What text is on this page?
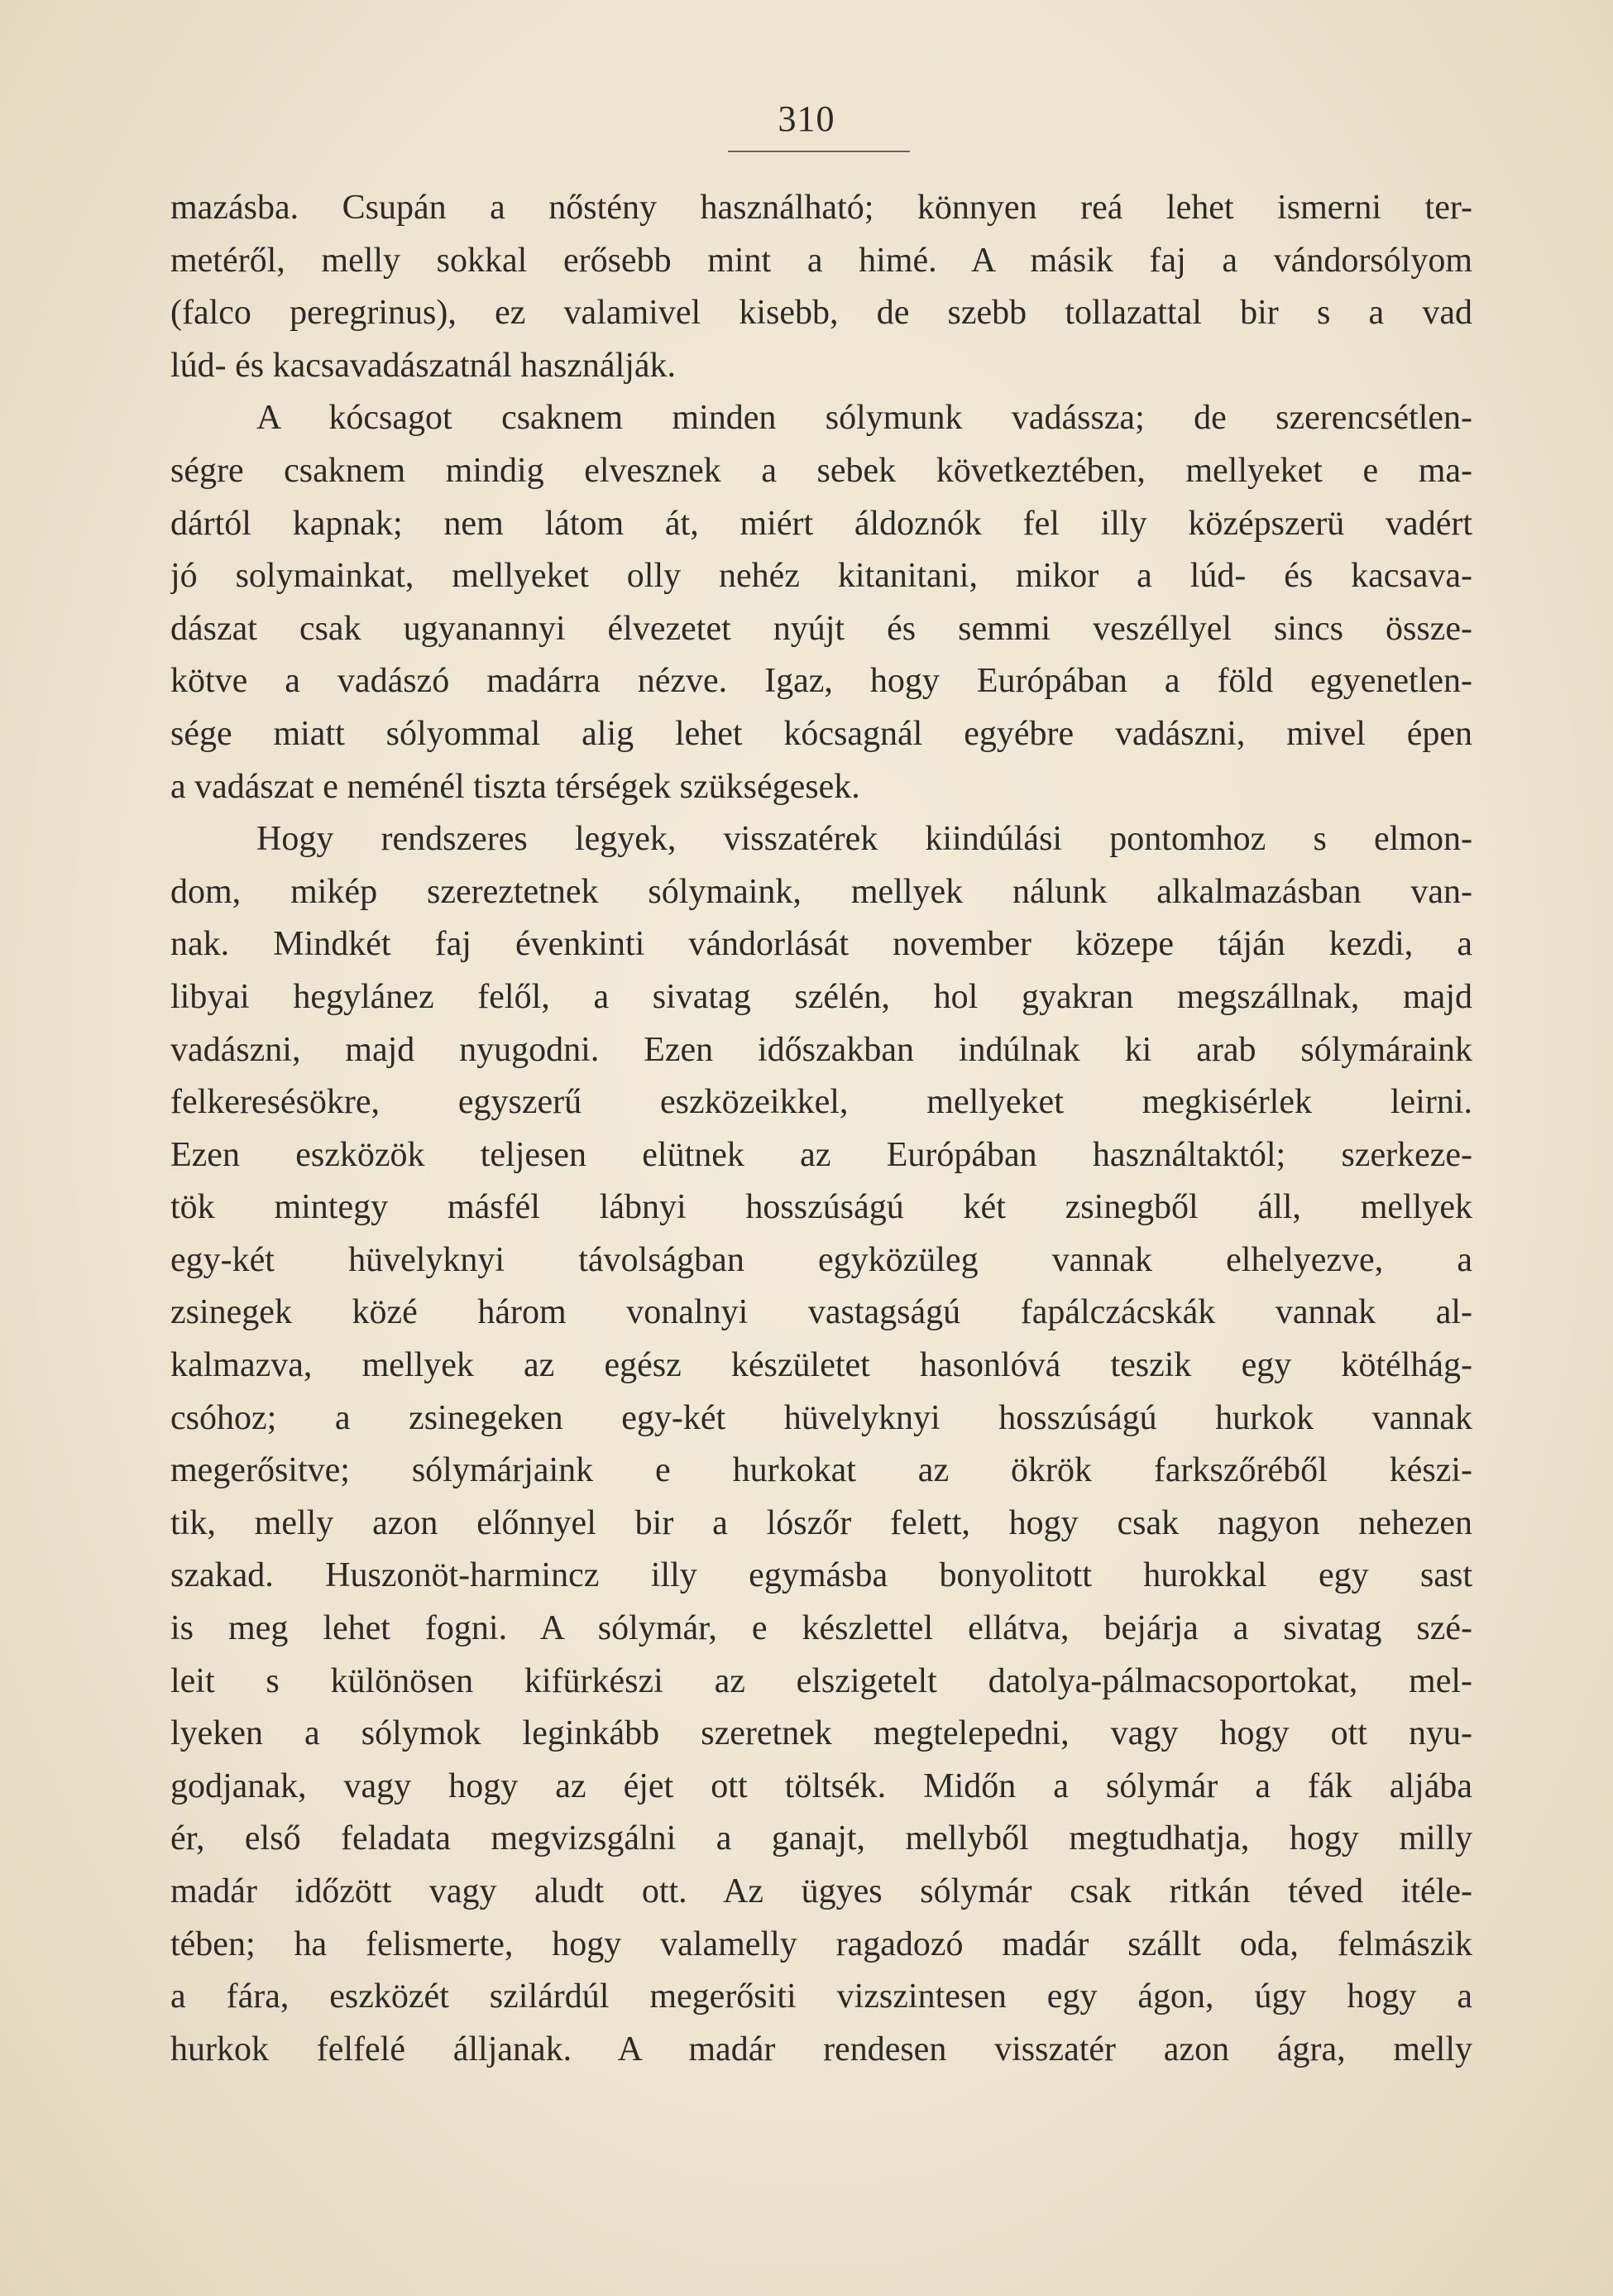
310
mazásba. Csupán a nőstény használható; könnyen reá lehet ismerni ter-
metéről, melly sokkal erősebb mint a himé. A másik faj a vándorsólyom
(falco peregrinus), ez valamivel kisebb, de szebb tollazattal bir s a vad
lúd- és kacsavadászatnál használják.
A kócsagot csaknem minden sólymunk vadássza; de szerencsétlen-
ségre csaknem mindig elvesznek a sebek következtében, mellyeket e ma-
dártól kapnak; nem látom át, miért áldoznók fel illy középszerü vadért
jó solymainkat, mellyeket olly nehéz kitanitani, mikor a lúd- és kacsava-
dászat csak ugyanannyi élvezetet nyújt és semmi veszéllyel sincs össze-
kötve a vadászó madárra nézve. Igaz, hogy Európában a föld egyenetlen-
sége miatt sólyommal alig lehet kócsagnál egyébre vadászni, mivel épen
a vadászat e neménél tiszta térségek szükségesek.
Hogy rendszeres legyek, visszatérek kiindúlási pontomhoz s elmon-
dom, mikép szereztetnek sólymaink, mellyek nálunk alkalmazásban van-
nak. Mindkét faj évenkinti vándorlását november közepe táján kezdi, a
libyai hegylánez felől, a sivatag szélén, hol gyakran megszállnak, majd
vadászni, majd nyugodni. Ezen időszakban indúlnak ki arab sólymáraink
felkeresésökre, egyszerű eszközeikkel, mellyeket megkisérlek leirni.
Ezen eszközök teljesen elütnek az Európában használtaktól; szerkeze-
tök mintegy másfél lábnyi hosszúságú két zsinegből áll, mellyek
egy-két hüvelyknyi távolságban egyközüleg vannak elhelyezve, a
zsinegek közé három vonalnyi vastagságú fapálczácskák vannak al-
kalmazva, mellyek az egész készületet hasonlóvá teszik egy kötélhág-
csóhoz; a zsinegeken egy-két hüvelyknyi hosszúságú hurkok vannak
megerősitve; sólymárjaink e hurkokat az ökrök farkszőréből készi-
tik, melly azon előnnyel bir a lószőr felett, hogy csak nagyon nehezen
szakad. Huszonöt-harmincz illy egymásba bonyolitott hurokkal egy sast
is meg lehet fogni. A sólymár, e készlettel ellátva, bejárja a sivatag szé-
leit s különösen kifürkészi az elszigetelt datolya-pálmacsoportokat, mel-
lyeken a sólymok leginkább szeretnek megtelepedni, vagy hogy ott nyu-
godjanak, vagy hogy az éjet ott töltsék. Midőn a sólymár a fák aljába
ér, első feladata megvizsgálni a ganajt, mellyből megtudhatja, hogy milly
madár időzött vagy aludt ott. Az ügyes sólymár csak ritkán téved itéle-
tében; ha felismerte, hogy valamelly ragadozó madár szállt oda, felmászik
a fára, eszközét szilárdúl megerősiti vizszintesen egy ágon, úgy hogy a
hurkok felfelé álljanak. A madár rendesen visszatér azon ágra, melly
